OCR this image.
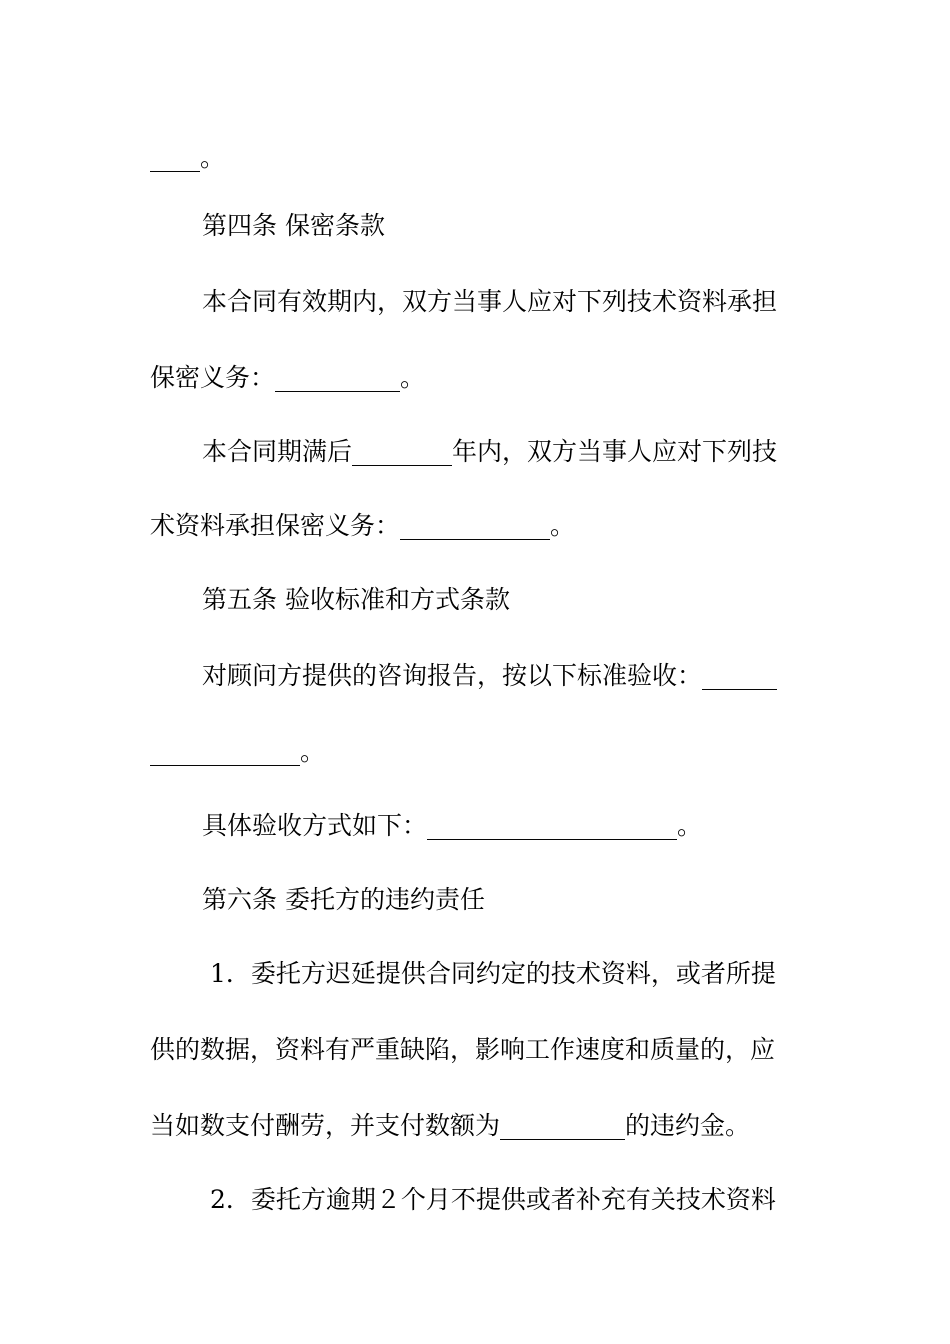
____。
第四条 保密条款
本合同有效期内，双方当事人应对下列技术资料承担
保密义务：__________。
本合同期满后________年内，双方当事人应对下列技
术资料承担保密义务：____________。
第五条 验收标准和方式条款
对顾问方提供的咨询报告，按以下标准验收：______
____________。
具体验收方式如下：____________________。
第六条 委托方的违约责任
1．委托方迟延提供合同约定的技术资料，或者所提
供的数据，资料有严重缺陷，影响工作速度和质量的，应
当如数支付酬劳，并支付数额为__________的违约金。
2．委托方逾期２个月不提供或者补充有关技术资料
